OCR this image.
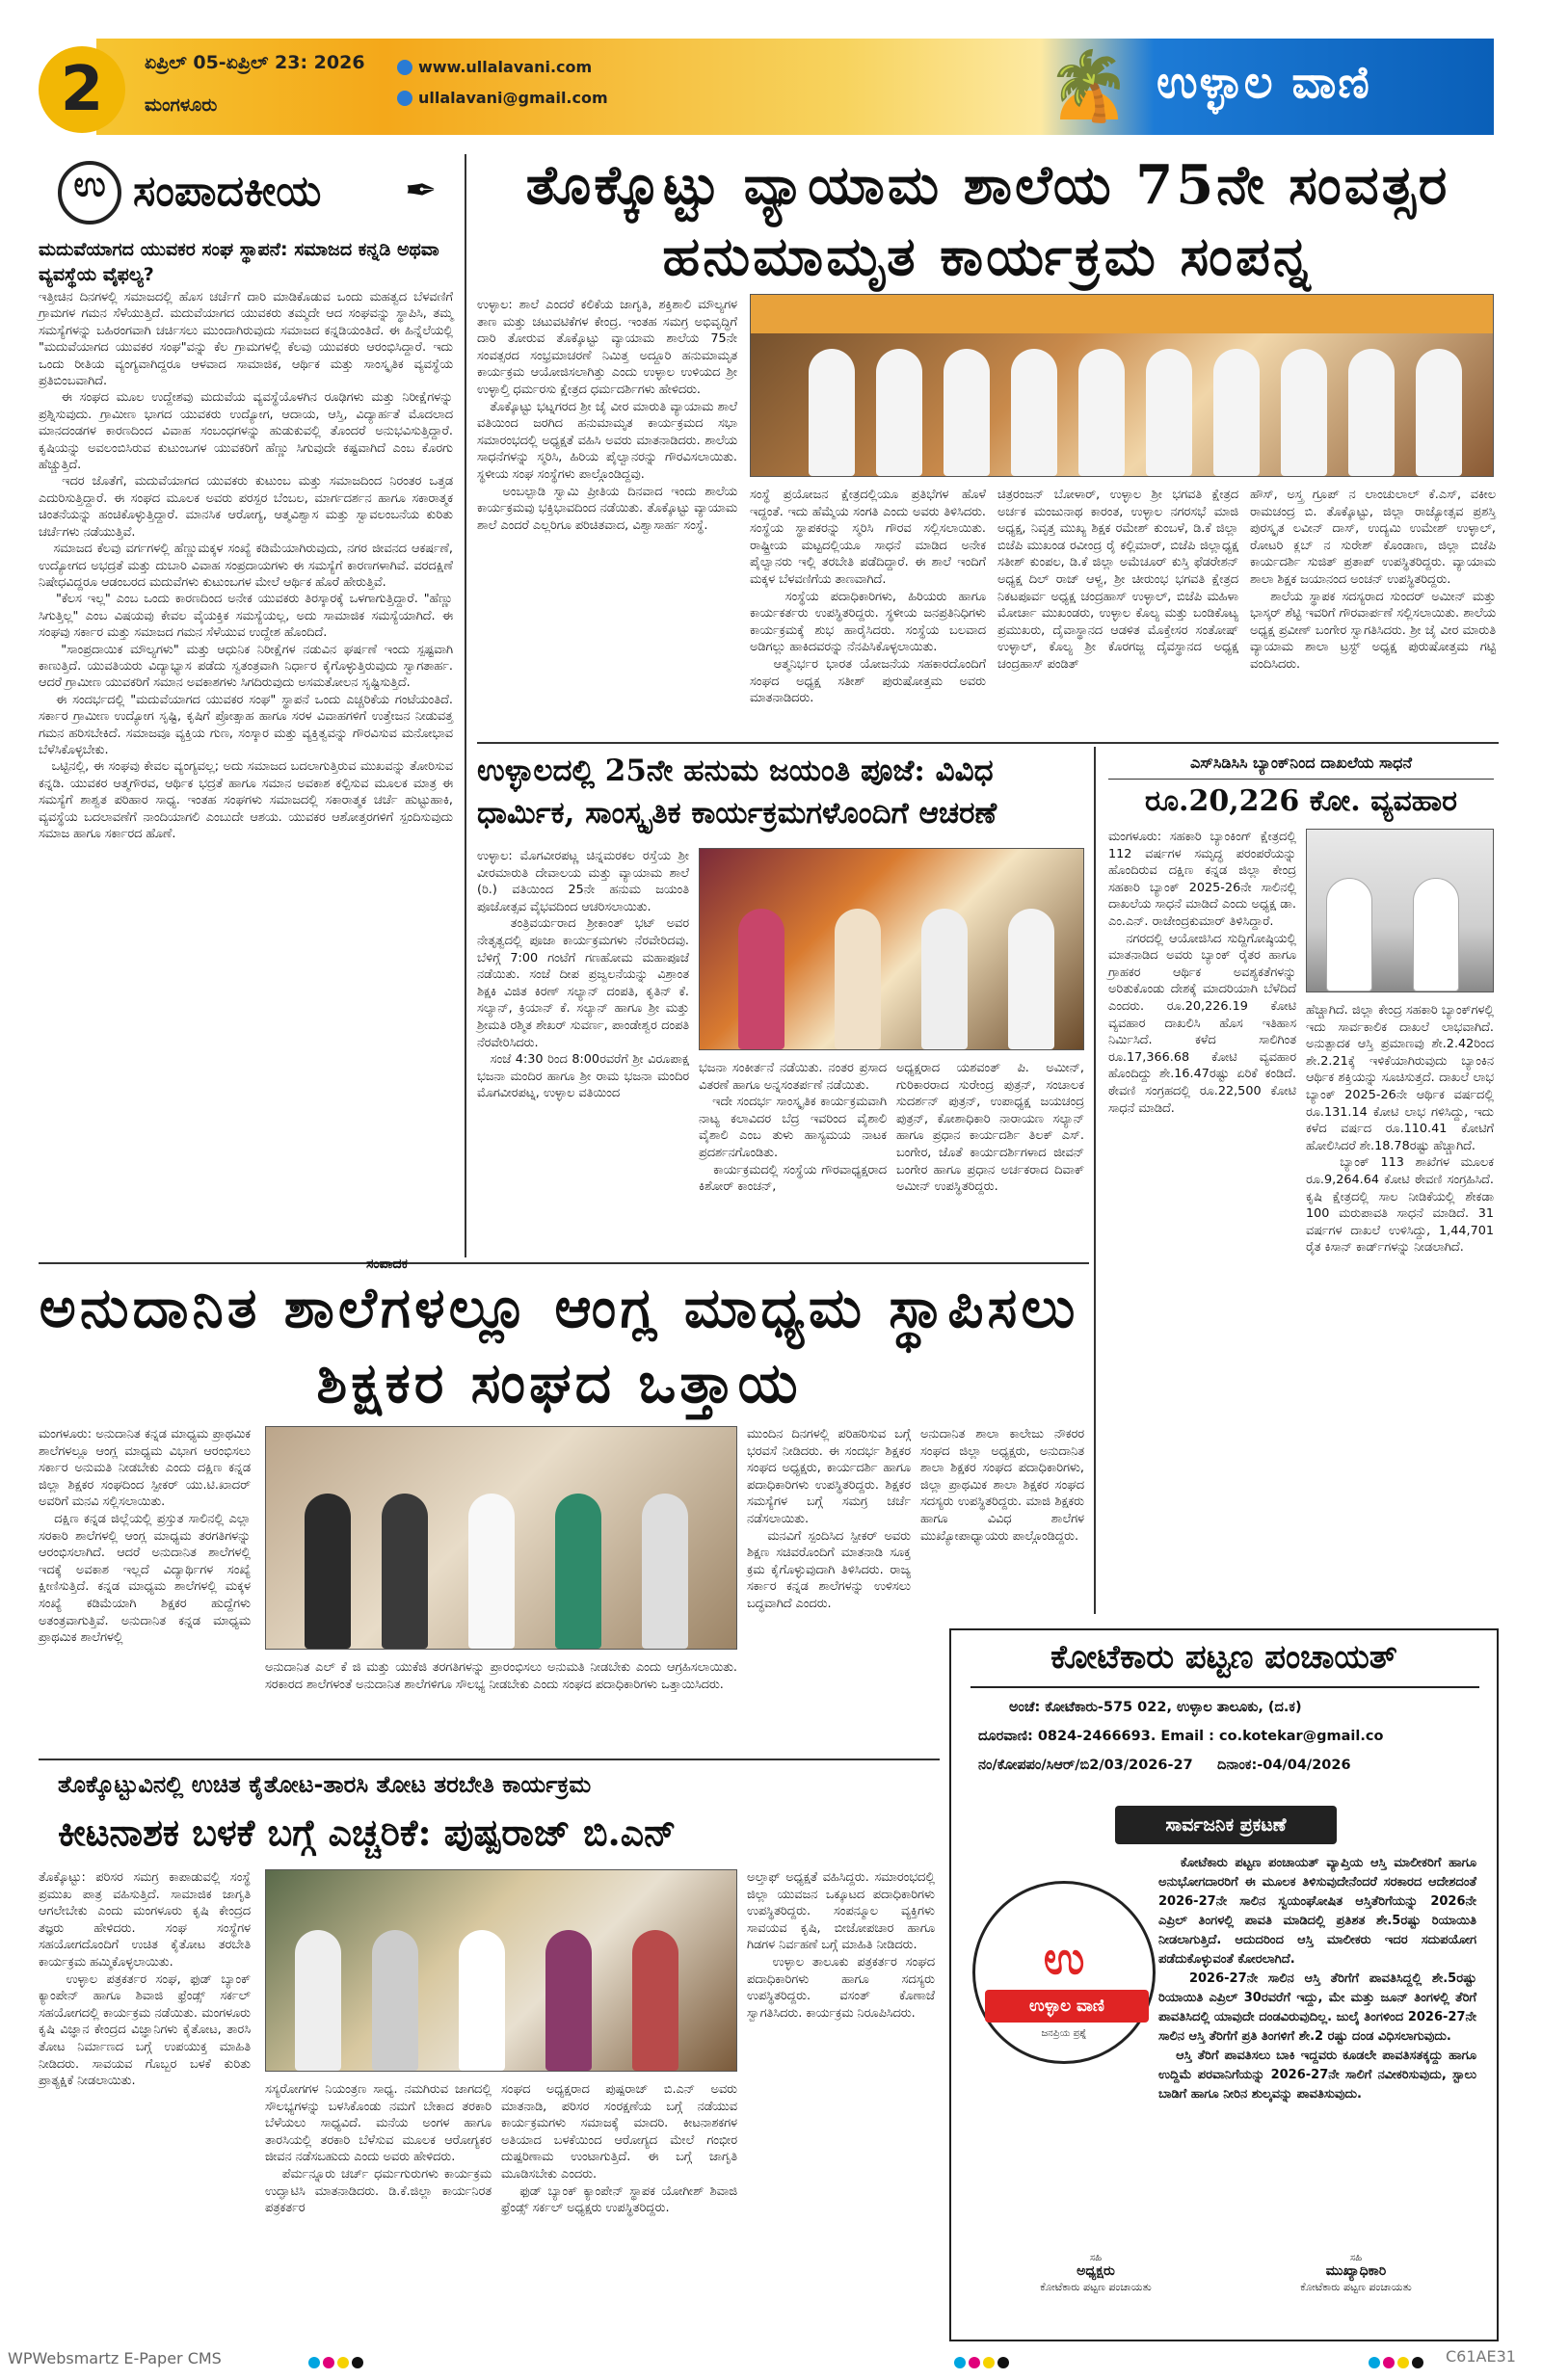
ಏಪ್ರಿಲ್ 05-ಏಪ್ರಿಲ್ 23: 2026
ಮಂಗಳೂರು
2	www.ullalavani.com
ullalavani@gmail.com	🌴 ಉಳ್ಳಾಲ ವಾಣಿ
ಉ ಸಂಪಾದಕೀಯ ✒
ಮದುವೆಯಾಗದ ಯುವಕರ ಸಂಘ ಸ್ಥಾಪನೆ: ಸಮಾಜದ ಕನ್ನಡಿ ಅಥವಾ ವ್ಯವಸ್ಥೆಯ ವೈಫಲ್ಯ?
ಇತ್ತೀಚಿನ ದಿನಗಳಲ್ಲಿ ಸಮಾಜದಲ್ಲಿ ಹೊಸ ಚರ್ಚೆಗೆ ದಾರಿ ಮಾಡಿಕೊಡುವ ಒಂದು ಮಹತ್ವದ ಬೆಳವಣಿಗೆ ಗ್ರಾಮಗಳ ಗಮನ ಸೆಳೆಯುತ್ತಿದೆ. ಮದುವೆಯಾಗದ ಯುವಕರು ತಮ್ಮದೇ ಆದ ಸಂಘವನ್ನು ಸ್ಥಾಪಿಸಿ, ತಮ್ಮ ಸಮಸ್ಯೆಗಳನ್ನು ಬಹಿರಂಗವಾಗಿ ಚರ್ಚಿಸಲು ಮುಂದಾಗಿರುವುದು ಸಮಾಜದ ಕನ್ನಡಿಯಂತಿದೆ. ಈ ಹಿನ್ನೆಲೆಯಲ್ಲಿ "ಮದುವೆಯಾಗದ ಯುವಕರ ಸಂಘ"ವನ್ನು ಕೆಲ ಗ್ರಾಮಗಳಲ್ಲಿ ಕೆಲವು ಯುವಕರು ಆರಂಭಿಸಿದ್ದಾರೆ. ಇದು ಒಂದು ರೀತಿಯ ವ್ಯಂಗ್ಯವಾಗಿದ್ದರೂ ಆಳವಾದ ಸಾಮಾಜಿಕ, ಆರ್ಥಿಕ ಮತ್ತು ಸಾಂಸ್ಕೃತಿಕ ವ್ಯವಸ್ಥೆಯ ಪ್ರತಿಬಿಂಬವಾಗಿದೆ.
ಈ ಸಂಘದ ಮೂಲ ಉದ್ದೇಶವು ಮದುವೆಯ ವ್ಯವಸ್ಥೆಯೊಳಗಿನ ರೂಢಿಗಳು ಮತ್ತು ನಿರೀಕ್ಷೆಗಳನ್ನು ಪ್ರಶ್ನಿಸುವುದು. ಗ್ರಾಮೀಣ ಭಾಗದ ಯುವಕರು ಉದ್ಯೋಗ, ಆದಾಯ, ಆಸ್ತಿ, ವಿದ್ಯಾರ್ಹತೆ ಮೊದಲಾದ ಮಾನದಂಡಗಳ ಕಾರಣದಿಂದ ವಿವಾಹ ಸಂಬಂಧಗಳನ್ನು ಹುಡುಕುವಲ್ಲಿ ತೊಂದರೆ ಅನುಭವಿಸುತ್ತಿದ್ದಾರೆ. ಕೃಷಿಯನ್ನು ಅವಲಂಬಿಸಿರುವ ಕುಟುಂಬಗಳ ಯುವಕರಿಗೆ ಹೆಣ್ಣು ಸಿಗುವುದೇ ಕಷ್ಟವಾಗಿದೆ ಎಂಬ ಕೊರಗು ಹೆಚ್ಚುತ್ತಿದೆ.
ಇದರ ಜೊತೆಗೆ, ಮದುವೆಯಾಗದ ಯುವಕರು ಕುಟುಂಬ ಮತ್ತು ಸಮಾಜದಿಂದ ನಿರಂತರ ಒತ್ತಡ ಎದುರಿಸುತ್ತಿದ್ದಾರೆ. ಈ ಸಂಘದ ಮೂಲಕ ಅವರು ಪರಸ್ಪರ ಬೆಂಬಲ, ಮಾರ್ಗದರ್ಶನ ಹಾಗೂ ಸಕಾರಾತ್ಮಕ ಚಿಂತನೆಯನ್ನು ಹಂಚಿಕೊಳ್ಳುತ್ತಿದ್ದಾರೆ. ಮಾನಸಿಕ ಆರೋಗ್ಯ, ಆತ್ಮವಿಶ್ವಾಸ ಮತ್ತು ಸ್ವಾವಲಂಬನೆಯ ಕುರಿತು ಚರ್ಚೆಗಳು ನಡೆಯುತ್ತಿವೆ.
ಸಮಾಜದ ಕೆಲವು ವರ್ಗಗಳಲ್ಲಿ ಹೆಣ್ಣುಮಕ್ಕಳ ಸಂಖ್ಯೆ ಕಡಿಮೆಯಾಗಿರುವುದು, ನಗರ ಜೀವನದ ಆಕರ್ಷಣೆ, ಉದ್ಯೋಗದ ಅಭದ್ರತೆ ಮತ್ತು ದುಬಾರಿ ವಿವಾಹ ಸಂಪ್ರದಾಯಗಳು ಈ ಸಮಸ್ಯೆಗೆ ಕಾರಣಗಳಾಗಿವೆ. ವರದಕ್ಷಿಣೆ ನಿಷೇಧವಿದ್ದರೂ ಆಡಂಬರದ ಮದುವೆಗಳು ಕುಟುಂಬಗಳ ಮೇಲೆ ಆರ್ಥಿಕ ಹೊರೆ ಹೇರುತ್ತಿವೆ.
"ಕೆಲಸ ಇಲ್ಲ" ಎಂಬ ಒಂದು ಕಾರಣದಿಂದ ಅನೇಕ ಯುವಕರು ತಿರಸ್ಕಾರಕ್ಕೆ ಒಳಗಾಗುತ್ತಿದ್ದಾರೆ. "ಹೆಣ್ಣು ಸಿಗುತ್ತಿಲ್ಲ" ಎಂಬ ವಿಷಯವು ಕೇವಲ ವೈಯಕ್ತಿಕ ಸಮಸ್ಯೆಯಲ್ಲ, ಅದು ಸಾಮಾಜಿಕ ಸಮಸ್ಯೆಯಾಗಿದೆ. ಈ ಸಂಘವು ಸರ್ಕಾರ ಮತ್ತು ಸಮಾಜದ ಗಮನ ಸೆಳೆಯುವ ಉದ್ದೇಶ ಹೊಂದಿದೆ.
"ಸಾಂಪ್ರದಾಯಿಕ ಮೌಲ್ಯಗಳು" ಮತ್ತು ಆಧುನಿಕ ನಿರೀಕ್ಷೆಗಳ ನಡುವಿನ ಘರ್ಷಣೆ ಇಂದು ಸ್ಪಷ್ಟವಾಗಿ ಕಾಣುತ್ತಿದೆ. ಯುವತಿಯರು ವಿದ್ಯಾಭ್ಯಾಸ ಪಡೆದು ಸ್ವತಂತ್ರವಾಗಿ ನಿರ್ಧಾರ ಕೈಗೊಳ್ಳುತ್ತಿರುವುದು ಸ್ವಾಗತಾರ್ಹ. ಆದರೆ ಗ್ರಾಮೀಣ ಯುವಕರಿಗೆ ಸಮಾನ ಅವಕಾಶಗಳು ಸಿಗದಿರುವುದು ಅಸಮತೋಲನ ಸೃಷ್ಟಿಸುತ್ತಿದೆ.
ಈ ಸಂದರ್ಭದಲ್ಲಿ "ಮದುವೆಯಾಗದ ಯುವಕರ ಸಂಘ" ಸ್ಥಾಪನೆ ಒಂದು ಎಚ್ಚರಿಕೆಯ ಗಂಟೆಯಂತಿದೆ. ಸರ್ಕಾರ ಗ್ರಾಮೀಣ ಉದ್ಯೋಗ ಸೃಷ್ಟಿ, ಕೃಷಿಗೆ ಪ್ರೋತ್ಸಾಹ ಹಾಗೂ ಸರಳ ವಿವಾಹಗಳಿಗೆ ಉತ್ತೇಜನ ನೀಡುವತ್ತ ಗಮನ ಹರಿಸಬೇಕಿದೆ. ಸಮಾಜವೂ ವ್ಯಕ್ತಿಯ ಗುಣ, ಸಂಸ್ಕಾರ ಮತ್ತು ವ್ಯಕ್ತಿತ್ವವನ್ನು ಗೌರವಿಸುವ ಮನೋಭಾವ ಬೆಳೆಸಿಕೊಳ್ಳಬೇಕು.
ಒಟ್ಟಿನಲ್ಲಿ, ಈ ಸಂಘವು ಕೇವಲ ವ್ಯಂಗ್ಯವಲ್ಲ; ಅದು ಸಮಾಜದ ಬದಲಾಗುತ್ತಿರುವ ಮುಖವನ್ನು ತೋರಿಸುವ ಕನ್ನಡಿ. ಯುವಕರ ಆತ್ಮಗೌರವ, ಆರ್ಥಿಕ ಭದ್ರತೆ ಹಾಗೂ ಸಮಾನ ಅವಕಾಶ ಕಲ್ಪಿಸುವ ಮೂಲಕ ಮಾತ್ರ ಈ ಸಮಸ್ಯೆಗೆ ಶಾಶ್ವತ ಪರಿಹಾರ ಸಾಧ್ಯ. ಇಂತಹ ಸಂಘಗಳು ಸಮಾಜದಲ್ಲಿ ಸಕಾರಾತ್ಮಕ ಚರ್ಚೆ ಹುಟ್ಟುಹಾಕಿ, ವ್ಯವಸ್ಥೆಯ ಬದಲಾವಣೆಗೆ ನಾಂದಿಯಾಗಲಿ ಎಂಬುದೇ ಆಶಯ. ಯುವಕರ ಆಶೋತ್ತರಗಳಿಗೆ ಸ್ಪಂದಿಸುವುದು ಸಮಾಜ ಹಾಗೂ ಸರ್ಕಾರದ ಹೊಣೆ.
ಸಂಪಾದಕ
ತೊಕ್ಕೊಟ್ಟು ವ್ಯಾಯಾಮ ಶಾಲೆಯ 75ನೇ ಸಂವತ್ಸರ ಹನುಮಾಮೃತ ಕಾರ್ಯಕ್ರಮ ಸಂಪನ್ನ
ಉಳ್ಳಾಲ: ಶಾಲೆ ಎಂದರೆ ಕಲಿಕೆಯ ಜಾಗೃತಿ, ಶಕ್ತಿಶಾಲಿ ಮೌಲ್ಯಗಳ ತಾಣ ಮತ್ತು ಚಟುವಟಿಕೆಗಳ ಕೇಂದ್ರ. ಇಂತಹ ಸಮಗ್ರ ಅಭಿವೃದ್ಧಿಗೆ ದಾರಿ ತೋರುವ ತೊಕ್ಕೊಟ್ಟು ವ್ಯಾಯಾಮ ಶಾಲೆಯ 75ನೇ ಸಂವತ್ಸರದ ಸಂಭ್ರಮಾಚರಣೆ ನಿಮಿತ್ತ ಅದ್ದೂರಿ ಹನುಮಾಮೃತ ಕಾರ್ಯಕ್ರಮ ಆಯೋಜಿಸಲಾಗಿತ್ತು ಎಂದು ಉಳ್ಳಾಲ ಉಳಿಯದ ಶ್ರೀ ಉಳ್ಳಾಲ್ತಿ ಧರ್ಮರಸು ಕ್ಷೇತ್ರದ ಧರ್ಮದರ್ಶಿಗಳು ಹೇಳಿದರು.
ತೊಕ್ಕೊಟ್ಟು ಭಟ್ನಗರದ ಶ್ರೀ ಜೈ ವೀರ ಮಾರುತಿ ವ್ಯಾಯಾಮ ಶಾಲೆ ವತಿಯಿಂದ ಜರಗಿದ ಹನುಮಾಮೃತ ಕಾರ್ಯಕ್ರಮದ ಸಭಾ ಸಮಾರಂಭದಲ್ಲಿ ಅಧ್ಯಕ್ಷತೆ ವಹಿಸಿ ಅವರು ಮಾತನಾಡಿದರು. ಶಾಲೆಯ ಸಾಧನೆಗಳನ್ನು ಸ್ಮರಿಸಿ, ಹಿರಿಯ ಪೈಲ್ವಾನರನ್ನು ಗೌರವಿಸಲಾಯಿತು. ಸ್ಥಳೀಯ ಸಂಘ ಸಂಸ್ಥೆಗಳು ಪಾಲ್ಗೊಂಡಿದ್ದವು.
ಅಂಬಲ್ಪಾಡಿ ಸ್ವಾಮಿ ಪ್ರೀತಿಯ ದಿನವಾದ ಇಂದು ಶಾಲೆಯ ಕಾರ್ಯಕ್ರಮವು ಭಕ್ತಿಭಾವದಿಂದ ನಡೆಯಿತು. ತೊಕ್ಕೊಟ್ಟು ವ್ಯಾಯಾಮ ಶಾಲೆ ಎಂದರೆ ಎಲ್ಲರಿಗೂ ಪರಿಚಿತವಾದ, ವಿಶ್ವಾಸಾರ್ಹ ಸಂಸ್ಥೆ.
ಸಂಸ್ಥೆ ಪ್ರಯೋಜನ ಕ್ಷೇತ್ರದಲ್ಲಿಯೂ ಪ್ರತಿಭೆಗಳ ಹೊಳೆ ಇದ್ದಂತೆ. ಇದು ಹೆಮ್ಮೆಯ ಸಂಗತಿ ಎಂದು ಅವರು ತಿಳಿಸಿದರು. ಸಂಸ್ಥೆಯ ಸ್ಥಾಪಕರನ್ನು ಸ್ಮರಿಸಿ ಗೌರವ ಸಲ್ಲಿಸಲಾಯಿತು. ರಾಷ್ಟ್ರೀಯ ಮಟ್ಟದಲ್ಲಿಯೂ ಸಾಧನೆ ಮಾಡಿದ ಅನೇಕ ಪೈಲ್ವಾನರು ಇಲ್ಲಿ ತರಬೇತಿ ಪಡೆದಿದ್ದಾರೆ. ಈ ಶಾಲೆ ಇಂದಿಗೆ ಮಕ್ಕಳ ಬೆಳವಣಿಗೆಯ ತಾಣವಾಗಿದೆ.
ಸಂಸ್ಥೆಯ ಪದಾಧಿಕಾರಿಗಳು, ಹಿರಿಯರು ಹಾಗೂ ಕಾರ್ಯಕರ್ತರು ಉಪಸ್ಥಿತರಿದ್ದರು. ಸ್ಥಳೀಯ ಜನಪ್ರತಿನಿಧಿಗಳು ಕಾರ್ಯಕ್ರಮಕ್ಕೆ ಶುಭ ಹಾರೈಸಿದರು. ಸಂಸ್ಥೆಯ ಬಲವಾದ ಅಡಿಗಲ್ಲು ಹಾಕಿದವರನ್ನು ನೆನಪಿಸಿಕೊಳ್ಳಲಾಯಿತು.
ಆತ್ಮನಿರ್ಭರ ಭಾರತ ಯೋಜನೆಯ ಸಹಕಾರದೊಂದಿಗೆ ಸಂಘದ ಅಧ್ಯಕ್ಷ ಸತೀಶ್ ಪುರುಷೋತ್ತಮ ಅವರು ಮಾತನಾಡಿದರು.
ಚಿತ್ರರಂಜನ್ ಬೋಳಾರ್, ಉಳ್ಳಾಲ ಶ್ರೀ ಭಗವತಿ ಕ್ಷೇತ್ರದ ಅರ್ಚಕ ಮಂಜುನಾಥ ಕಾರಂತ, ಉಳ್ಳಾಲ ನಗರಸಭೆ ಮಾಜಿ ಅಧ್ಯಕ್ಷ, ನಿವೃತ್ತ ಮುಖ್ಯ ಶಿಕ್ಷಕ ರಮೇಶ್ ಕುಂಬಳೆ, ಡಿ.ಕೆ ಜಿಲ್ಲಾ ಬಿಜೆಪಿ ಮುಖಂಡ ರವೀಂದ್ರ ರೈ ಕಲ್ಲಿಮಾರ್, ಬಿಜೆಪಿ ಜಿಲ್ಲಾಧ್ಯಕ್ಷ ಸತೀಶ್ ಕುಂಪಲ, ಡಿ.ಕೆ ಜಿಲ್ಲಾ ಅಮೆಚೂರ್ ಕುಸ್ತಿ ಫೆಡರೇಶನ್ ಅಧ್ಯಕ್ಷ ದಿಲ್ ರಾಜ್ ಆಳ್ವ, ಶ್ರೀ ಚೀರುಂಭ ಭಗವತಿ ಕ್ಷೇತ್ರದ ನಿಕಟಪೂರ್ವ ಅಧ್ಯಕ್ಷ ಚಂದ್ರಹಾಸ್ ಉಳ್ಳಾಲ್, ಬಿಜೆಪಿ ಮಹಿಳಾ ಮೋರ್ಚಾ ಮುಖಂಡರು, ಉಳ್ಳಾಲ ಕೊಲ್ಯ ಮತ್ತು ಬಂಡಿಕೊಟ್ಯ ಪ್ರಮುಖರು, ದೈವಾಸ್ಥಾನದ ಆಡಳಿತ ಮೊಕ್ತೇಸರ ಸಂತೋಷ್ ಉಳ್ಳಾಲ್, ಕೊಲ್ಯ ಶ್ರೀ ಕೊರಗಜ್ಜ ದೈವಸ್ಥಾನದ ಅಧ್ಯಕ್ಷ ಚಂದ್ರಹಾಸ್ ಪಂಡಿತ್
ಹೌಸ್, ಅಸ್ತ್ರ ಗ್ರೂಪ್ ನ ಲಾಂಚುಲಾಲ್ ಕೆ.ಎಸ್, ವಕೀಲ ರಾಮಚಂದ್ರ ಬಿ. ತೊಕ್ಕೊಟ್ಟು, ಜಿಲ್ಲಾ ರಾಜ್ಯೋತ್ಸವ ಪ್ರಶಸ್ತಿ ಪುರಸ್ಕೃತ ಲವೀನ್ ದಾಸ್, ಉದ್ಯಮಿ ಉಮೇಶ್ ಉಳ್ಳಾಲ್, ರೋಟರಿ ಕ್ಲಬ್ ನ ಸುರೇಶ್ ಕೊಂಡಾಣ, ಜಿಲ್ಲಾ ಬಿಜೆಪಿ ಕಾರ್ಯದರ್ಶಿ ಸುಜಿತ್ ಪ್ರತಾಪ್ ಉಪಸ್ಥಿತರಿದ್ದರು. ವ್ಯಾಯಾಮ ಶಾಲಾ ಶಿಕ್ಷಕ ಜಯಾನಂದ ಅಂಚನ್ ಉಪಸ್ಥಿತರಿದ್ದರು.
ಶಾಲೆಯ ಸ್ಥಾಪಕ ಸದಸ್ಯರಾದ ಸುಂದರ್ ಅಮೀನ್ ಮತ್ತು ಭಾಸ್ಕರ್ ಶೆಟ್ಟಿ ಇವರಿಗೆ ಗೌರವಾರ್ಪಣೆ ಸಲ್ಲಿಸಲಾಯಿತು. ಶಾಲೆಯ ಅಧ್ಯಕ್ಷ ಪ್ರವೀಣ್ ಬಂಗೇರ ಸ್ವಾಗತಿಸಿದರು. ಶ್ರೀ ಜೈ ವೀರ ಮಾರುತಿ ವ್ಯಾಯಾಮ ಶಾಲಾ ಟ್ರಸ್ಟ್ ಅಧ್ಯಕ್ಷ ಪುರುಷೋತ್ತಮ ಗಟ್ಟಿ ವಂದಿಸಿದರು.
ಉಳ್ಳಾಲದಲ್ಲಿ 25ನೇ ಹನುಮ ಜಯಂತಿ ಪೂಜೆ: ವಿವಿಧ ಧಾರ್ಮಿಕ, ಸಾಂಸ್ಕೃತಿಕ ಕಾರ್ಯಕ್ರಮಗಳೊಂದಿಗೆ ಆಚರಣೆ
ಉಳ್ಳಾಲ: ಮೊಗವೀರಪಟ್ಣ ಚಿನ್ನಮರಕಲ ರಸ್ತೆಯ ಶ್ರೀ ವೀರಮಾರುತಿ ದೇವಾಲಯ ಮತ್ತು ವ್ಯಾಯಾಮ ಶಾಲೆ (ರಿ.) ವತಿಯಿಂದ 25ನೇ ಹನುಮ ಜಯಂತಿ ಪೂಜೋತ್ಸವ ವೈಭವದಿಂದ ಆಚರಿಸಲಾಯಿತು.
ತಂತ್ರಿವರ್ಯರಾದ ಶ್ರೀಕಾಂತ್ ಭಟ್ ಅವರ ನೇತೃತ್ವದಲ್ಲಿ ಪೂಜಾ ಕಾರ್ಯಕ್ರಮಗಳು ನೆರವೇರಿದವು. ಬೆಳಿಗ್ಗೆ 7:00 ಗಂಟೆಗೆ ಗಣಹೋಮ ಮಹಾಪೂಜೆ ನಡೆಯಿತು. ಸಂಜೆ ದೀಪ ಪ್ರಜ್ವಲನೆಯನ್ನು ವಿಶ್ರಾಂತ ಶಿಕ್ಷಕಿ ವಿಜಿತ ಕಿರಣ್ ಸಲ್ಯಾನ್ ದಂಪತಿ, ಕೃತಿನ್ ಕೆ. ಸಲ್ಯಾನ್, ಕ್ರಿಯಾನ್ ಕೆ. ಸಲ್ಯಾನ್ ಹಾಗೂ ಶ್ರೀ ಮತ್ತು ಶ್ರೀಮತಿ ರಶ್ಮಿತ ಶೇಖರ್ ಸುವರ್ಣ, ಪಾಂಡೇಶ್ವರ ದಂಪತಿ ನೆರವೇರಿಸಿದರು.
ಸಂಜೆ 4:30 ರಿಂದ 8:00ರವರೆಗೆ ಶ್ರೀ ವಿರೂಪಾಕ್ಷ ಭಜನಾ ಮಂದಿರ ಹಾಗೂ ಶ್ರೀ ರಾಮ ಭಜನಾ ಮಂದಿರ ಮೊಗವೀರಪಟ್ನ, ಉಳ್ಳಾಲ ವತಿಯಿಂದ
ಭಜನಾ ಸಂಕೀರ್ತನೆ ನಡೆಯಿತು. ನಂತರ ಪ್ರಸಾದ ವಿತರಣೆ ಹಾಗೂ ಅನ್ನಸಂತರ್ಪಣೆ ನಡೆಯಿತು.
ಇದೇ ಸಂದರ್ಭ ಸಾಂಸ್ಕೃತಿಕ ಕಾರ್ಯಕ್ರಮವಾಗಿ ನಾಟ್ಯ ಕಲಾವಿದರ ಬೆದ್ರ ಇವರಿಂದ ವೈಶಾಲಿ ವೈಶಾಲಿ ಎಂಬ ತುಳು ಹಾಸ್ಯಮಯ ನಾಟಕ ಪ್ರದರ್ಶನಗೊಂಡಿತು.
ಕಾರ್ಯಕ್ರಮದಲ್ಲಿ ಸಂಸ್ಥೆಯ ಗೌರವಾಧ್ಯಕ್ಷರಾದ ಕಿಶೋರ್ ಕಾಂಚನ್,
ಅಧ್ಯಕ್ಷರಾದ ಯಶವಂತ್ ಪಿ. ಅಮೀನ್, ಗುರಿಕಾರರಾದ ಸುರೇಂದ್ರ ಪುತ್ರನ್, ಸಂಚಾಲಕ ಸುದರ್ಶನ್ ಪುತ್ರನ್, ಉಪಾಧ್ಯಕ್ಷ ಜಯಚಂದ್ರ ಪುತ್ರನ್, ಕೋಶಾಧಿಕಾರಿ ನಾರಾಯಣ ಸಲ್ಯಾನ್ ಹಾಗೂ ಪ್ರಧಾನ ಕಾರ್ಯದರ್ಶಿ ತಿಲಕ್ ಎಸ್. ಬಂಗೇರ, ಜೊತೆ ಕಾರ್ಯದರ್ಶಿಗಳಾದ ಜೀವನ್ ಬಂಗೇರ ಹಾಗೂ ಪ್ರಧಾನ ಅರ್ಚಕರಾದ ದಿವಾಕ್ ಅಮೀನ್ ಉಪಸ್ಥಿತರಿದ್ದರು.
ಎಸ್‌ಸಿಡಿಸಿಸಿ ಬ್ಯಾಂಕ್‌ನಿಂದ ದಾಖಲೆಯ ಸಾಧನೆ
ರೂ.20,226 ಕೋ. ವ್ಯವಹಾರ
ಮಂಗಳೂರು: ಸಹಕಾರಿ ಬ್ಯಾಂಕಿಂಗ್ ಕ್ಷೇತ್ರದಲ್ಲಿ 112 ವರ್ಷಗಳ ಸಮೃದ್ಧ ಪರಂಪರೆಯನ್ನು ಹೊಂದಿರುವ ದಕ್ಷಿಣ ಕನ್ನಡ ಜಿಲ್ಲಾ ಕೇಂದ್ರ ಸಹಕಾರಿ ಬ್ಯಾಂಕ್ 2025-26ನೇ ಸಾಲಿನಲ್ಲಿ ದಾಖಲೆಯ ಸಾಧನೆ ಮಾಡಿದೆ ಎಂದು ಅಧ್ಯಕ್ಷ ಡಾ. ಎಂ.ಎನ್. ರಾಜೇಂದ್ರಕುಮಾರ್ ತಿಳಿಸಿದ್ದಾರೆ.
ನಗರದಲ್ಲಿ ಆಯೋಜಿಸಿದ ಸುದ್ದಿಗೋಷ್ಠಿಯಲ್ಲಿ ಮಾತನಾಡಿದ ಅವರು ಬ್ಯಾಂಕ್ ರೈತರ ಹಾಗೂ ಗ್ರಾಹಕರ ಆರ್ಥಿಕ ಅವಶ್ಯಕತೆಗಳನ್ನು ಅರಿತುಕೊಂಡು ದೇಶಕ್ಕೆ ಮಾದರಿಯಾಗಿ ಬೆಳೆದಿದೆ ಎಂದರು. ರೂ.20,226.19 ಕೋಟಿ ವ್ಯವಹಾರ ದಾಖಲಿಸಿ ಹೊಸ ಇತಿಹಾಸ ನಿರ್ಮಿಸಿದೆ. ಕಳೆದ ಸಾಲಿಗಿಂತ ರೂ.17,366.68 ಕೋಟಿ ವ್ಯವಹಾರ ಹೊಂದಿದ್ದು ಶೇ.16.47ರಷ್ಟು ಏರಿಕೆ ಕಂಡಿದೆ. ಠೇವಣಿ ಸಂಗ್ರಹದಲ್ಲಿ ರೂ.22,500 ಕೋಟಿ ಸಾಧನೆ ಮಾಡಿದೆ.
ಹೆಚ್ಚಾಗಿದೆ. ಜಿಲ್ಲಾ ಕೇಂದ್ರ ಸಹಕಾರಿ ಬ್ಯಾಂಕ್‌ಗಳಲ್ಲಿ ಇದು ಸಾರ್ವಕಾಲಿಕ ದಾಖಲೆ ಲಾಭವಾಗಿದೆ. ಅನುತ್ಪಾದಕ ಆಸ್ತಿ ಪ್ರಮಾಣವು ಶೇ.2.42ರಿಂದ ಶೇ.2.21ಕ್ಕೆ ಇಳಿಕೆಯಾಗಿರುವುದು ಬ್ಯಾಂಕಿನ ಆರ್ಥಿಕ ಶಕ್ತಿಯನ್ನು ಸೂಚಿಸುತ್ತದೆ. ದಾಖಲೆ ಲಾಭ ಬ್ಯಾಂಕ್ 2025-26ನೇ ಆರ್ಥಿಕ ವರ್ಷದಲ್ಲಿ ರೂ.131.14 ಕೋಟಿ ಲಾಭ ಗಳಿಸಿದ್ದು, ಇದು ಕಳೆದ ವರ್ಷದ ರೂ.110.41 ಕೋಟಿಗೆ ಹೋಲಿಸಿದರೆ ಶೇ.18.78ರಷ್ಟು ಹೆಚ್ಚಾಗಿದೆ.
ಬ್ಯಾಂಕ್ 113 ಶಾಖೆಗಳ ಮೂಲಕ ರೂ.9,264.64 ಕೋಟಿ ಠೇವಣಿ ಸಂಗ್ರಹಿಸಿದೆ. ಕೃಷಿ ಕ್ಷೇತ್ರದಲ್ಲಿ ಸಾಲ ನೀಡಿಕೆಯಲ್ಲಿ ಶೇಕಡಾ 100 ಮರುಪಾವತಿ ಸಾಧನೆ ಮಾಡಿದೆ. 31 ವರ್ಷಗಳ ದಾಖಲೆ ಉಳಿಸಿದ್ದು, 1,44,701 ರೈತ ಕಿಸಾನ್ ಕಾರ್ಡ್‌ಗಳನ್ನು ನೀಡಲಾಗಿದೆ.
ಅನುದಾನಿತ ಶಾಲೆಗಳಲ್ಲೂ ಆಂಗ್ಲ ಮಾಧ್ಯಮ ಸ್ಥಾಪಿಸಲು ಶಿಕ್ಷಕರ ಸಂಘದ ಒತ್ತಾಯ
ಮಂಗಳೂರು: ಅನುದಾನಿತ ಕನ್ನಡ ಮಾಧ್ಯಮ ಪ್ರಾಥಮಿಕ ಶಾಲೆಗಳಲ್ಲೂ ಆಂಗ್ಲ ಮಾಧ್ಯಮ ವಿಭಾಗ ಆರಂಭಿಸಲು ಸರ್ಕಾರ ಅನುಮತಿ ನೀಡಬೇಕು ಎಂದು ದಕ್ಷಿಣ ಕನ್ನಡ ಜಿಲ್ಲಾ ಶಿಕ್ಷಕರ ಸಂಘದಿಂದ ಸ್ಪೀಕರ್ ಯು.ಟಿ.ಖಾದರ್ ಅವರಿಗೆ ಮನವಿ ಸಲ್ಲಿಸಲಾಯಿತು.
ದಕ್ಷಿಣ ಕನ್ನಡ ಜಿಲ್ಲೆಯಲ್ಲಿ ಪ್ರಸ್ತುತ ಸಾಲಿನಲ್ಲಿ ಎಲ್ಲಾ ಸರಕಾರಿ ಶಾಲೆಗಳಲ್ಲಿ ಆಂಗ್ಲ ಮಾಧ್ಯಮ ತರಗತಿಗಳನ್ನು ಆರಂಭಿಸಲಾಗಿದೆ. ಆದರೆ ಅನುದಾನಿತ ಶಾಲೆಗಳಲ್ಲಿ ಇದಕ್ಕೆ ಅವಕಾಶ ಇಲ್ಲದೆ ವಿದ್ಯಾರ್ಥಿಗಳ ಸಂಖ್ಯೆ ಕ್ಷೀಣಿಸುತ್ತಿದೆ. ಕನ್ನಡ ಮಾಧ್ಯಮ ಶಾಲೆಗಳಲ್ಲಿ ಮಕ್ಕಳ ಸಂಖ್ಯೆ ಕಡಿಮೆಯಾಗಿ ಶಿಕ್ಷಕರ ಹುದ್ದೆಗಳು ಅತಂತ್ರವಾಗುತ್ತಿವೆ. ಅನುದಾನಿತ ಕನ್ನಡ ಮಾಧ್ಯಮ ಪ್ರಾಥಮಿಕ ಶಾಲೆಗಳಲ್ಲಿ
ಅನುದಾನಿತ ಎಲ್ ಕೆ ಜಿ ಮತ್ತು ಯುಕೆಜಿ ತರಗತಿಗಳನ್ನು ಪ್ರಾರಂಭಿಸಲು ಅನುಮತಿ ನೀಡಬೇಕು ಎಂದು ಆಗ್ರಹಿಸಲಾಯಿತು. ಸರಕಾರದ ಶಾಲೆಗಳಂತೆ ಅನುದಾನಿತ ಶಾಲೆಗಳಿಗೂ ಸೌಲಭ್ಯ ನೀಡಬೇಕು ಎಂದು ಸಂಘದ ಪದಾಧಿಕಾರಿಗಳು ಒತ್ತಾಯಿಸಿದರು.
ಮುಂದಿನ ದಿನಗಳಲ್ಲಿ ಪರಿಹರಿಸುವ ಬಗ್ಗೆ ಭರವಸೆ ನೀಡಿದರು. ಈ ಸಂದರ್ಭ ಶಿಕ್ಷಕರ ಸಂಘದ ಅಧ್ಯಕ್ಷರು, ಕಾರ್ಯದರ್ಶಿ ಹಾಗೂ ಪದಾಧಿಕಾರಿಗಳು ಉಪಸ್ಥಿತರಿದ್ದರು. ಶಿಕ್ಷಕರ ಸಮಸ್ಯೆಗಳ ಬಗ್ಗೆ ಸಮಗ್ರ ಚರ್ಚೆ ನಡೆಸಲಾಯಿತು.
ಮನವಿಗೆ ಸ್ಪಂದಿಸಿದ ಸ್ಪೀಕರ್ ಅವರು ಶಿಕ್ಷಣ ಸಚಿವರೊಂದಿಗೆ ಮಾತನಾಡಿ ಸೂಕ್ತ ಕ್ರಮ ಕೈಗೊಳ್ಳುವುದಾಗಿ ತಿಳಿಸಿದರು. ರಾಜ್ಯ ಸರ್ಕಾರ ಕನ್ನಡ ಶಾಲೆಗಳನ್ನು ಉಳಿಸಲು ಬದ್ಧವಾಗಿದೆ ಎಂದರು.
ಅನುದಾನಿತ ಶಾಲಾ ಕಾಲೇಜು ನೌಕರರ ಸಂಘದ ಜಿಲ್ಲಾ ಅಧ್ಯಕ್ಷರು, ಅನುದಾನಿತ ಶಾಲಾ ಶಿಕ್ಷಕರ ಸಂಘದ ಪದಾಧಿಕಾರಿಗಳು, ಜಿಲ್ಲಾ ಪ್ರಾಥಮಿಕ ಶಾಲಾ ಶಿಕ್ಷಕರ ಸಂಘದ ಸದಸ್ಯರು ಉಪಸ್ಥಿತರಿದ್ದರು. ಮಾಜಿ ಶಿಕ್ಷಕರು ಹಾಗೂ ವಿವಿಧ ಶಾಲೆಗಳ ಮುಖ್ಯೋಪಾಧ್ಯಾಯರು ಪಾಲ್ಗೊಂಡಿದ್ದರು.
ತೊಕ್ಕೊಟ್ಟುವಿನಲ್ಲಿ ಉಚಿತ ಕೈತೋಟ-ತಾರಸಿ ತೋಟ ತರಬೇತಿ ಕಾರ್ಯಕ್ರಮ
ಕೀಟನಾಶಕ ಬಳಕೆ ಬಗ್ಗೆ ಎಚ್ಚರಿಕೆ: ಪುಷ್ಪರಾಜ್ ಬಿ.ಎನ್
ತೊಕ್ಕೊಟ್ಟು: ಪರಿಸರ ಸಮಗ್ರ ಕಾಪಾಡುವಲ್ಲಿ ಸಂಸ್ಥೆ ಪ್ರಮುಖ ಪಾತ್ರ ವಹಿಸುತ್ತಿದೆ. ಸಾಮಾಜಿಕ ಜಾಗೃತಿ ಆಗಲೇಬೇಕು ಎಂದು ಮಂಗಳೂರು ಕೃಷಿ ಕೇಂದ್ರದ ತಜ್ಞರು ಹೇಳಿದರು. ಸಂಘ ಸಂಸ್ಥೆಗಳ ಸಹಯೋಗದೊಂದಿಗೆ ಉಚಿತ ಕೈತೋಟ ತರಬೇತಿ ಕಾರ್ಯಕ್ರಮ ಹಮ್ಮಿಕೊಳ್ಳಲಾಯಿತು.
ಉಳ್ಳಾಲ ಪತ್ರಕರ್ತರ ಸಂಘ, ಫುಡ್ ಬ್ಯಾಂಕ್ ಕ್ಯಾಂಪೇನ್ ಹಾಗೂ ಶಿವಾಜಿ ಫ್ರೆಂಡ್ಸ್ ಸರ್ಕಲ್ ಸಹಯೋಗದಲ್ಲಿ ಕಾರ್ಯಕ್ರಮ ನಡೆಯಿತು. ಮಂಗಳೂರು ಕೃಷಿ ವಿಜ್ಞಾನ ಕೇಂದ್ರದ ವಿಜ್ಞಾನಿಗಳು ಕೈತೋಟ, ತಾರಸಿ ತೋಟ ನಿರ್ಮಾಣದ ಬಗ್ಗೆ ಉಪಯುಕ್ತ ಮಾಹಿತಿ ನೀಡಿದರು. ಸಾವಯವ ಗೊಬ್ಬರ ಬಳಕೆ ಕುರಿತು ಪ್ರಾತ್ಯಕ್ಷಿಕೆ ನೀಡಲಾಯಿತು.
ಸಸ್ಯರೋಗಗಳ ನಿಯಂತ್ರಣ ಸಾಧ್ಯ. ನಮಗಿರುವ ಜಾಗದಲ್ಲಿ ಸೌಲಭ್ಯಗಳನ್ನು ಬಳಸಿಕೊಂಡು ನಮಗೆ ಬೇಕಾದ ತರಕಾರಿ ಬೆಳೆಯಲು ಸಾಧ್ಯವಿದೆ. ಮನೆಯ ಅಂಗಳ ಹಾಗೂ ತಾರಸಿಯಲ್ಲಿ ತರಕಾರಿ ಬೆಳೆಸುವ ಮೂಲಕ ಆರೋಗ್ಯಕರ ಜೀವನ ನಡೆಸಬಹುದು ಎಂದು ಅವರು ಹೇಳಿದರು.
ಪೆರ್ಮನ್ನೂರು ಚರ್ಚ್ ಧರ್ಮಗುರುಗಳು ಕಾರ್ಯಕ್ರಮ ಉದ್ಘಾಟಿಸಿ ಮಾತನಾಡಿದರು. ಡಿ.ಕೆ.ಜಿಲ್ಲಾ ಕಾರ್ಯನಿರತ ಪತ್ರಕರ್ತರ
ಸಂಘದ ಅಧ್ಯಕ್ಷರಾದ ಪುಷ್ಪರಾಜ್ ಬಿ.ಎನ್ ಅವರು ಮಾತನಾಡಿ, ಪರಿಸರ ಸಂರಕ್ಷಣೆಯ ಬಗ್ಗೆ ನಡೆಯುವ ಕಾರ್ಯಕ್ರಮಗಳು ಸಮಾಜಕ್ಕೆ ಮಾದರಿ. ಕೀಟನಾಶಕಗಳ ಅತಿಯಾದ ಬಳಕೆಯಿಂದ ಆರೋಗ್ಯದ ಮೇಲೆ ಗಂಭೀರ ದುಷ್ಪರಿಣಾಮ ಉಂಟಾಗುತ್ತಿದೆ. ಈ ಬಗ್ಗೆ ಜಾಗೃತಿ ಮೂಡಿಸಬೇಕು ಎಂದರು.
ಫುಡ್ ಬ್ಯಾಂಕ್ ಕ್ಯಾಂಪೇನ್ ಸ್ಥಾಪಕ ಯೋಗೀಶ್ ಶಿವಾಜಿ ಫ್ರೆಂಡ್ಸ್ ಸರ್ಕಲ್ ಅಧ್ಯಕ್ಷರು ಉಪಸ್ಥಿತರಿದ್ದರು.
ಅಲ್ತಾಫ್ ಅಧ್ಯಕ್ಷತೆ ವಹಿಸಿದ್ದರು. ಸಮಾರಂಭದಲ್ಲಿ ಜಿಲ್ಲಾ ಯುವಜನ ಒಕ್ಕೂಟದ ಪದಾಧಿಕಾರಿಗಳು ಉಪಸ್ಥಿತರಿದ್ದರು. ಸಂಪನ್ಮೂಲ ವ್ಯಕ್ತಿಗಳು ಸಾವಯವ ಕೃಷಿ, ಬೀಜೋಪಚಾರ ಹಾಗೂ ಗಿಡಗಳ ನಿರ್ವಹಣೆ ಬಗ್ಗೆ ಮಾಹಿತಿ ನೀಡಿದರು.
ಉಳ್ಳಾಲ ತಾಲೂಕು ಪತ್ರಕರ್ತರ ಸಂಘದ ಪದಾಧಿಕಾರಿಗಳು ಹಾಗೂ ಸದಸ್ಯರು ಉಪಸ್ಥಿತರಿದ್ದರು. ವಸಂತ್ ಕೊಣಾಜೆ ಸ್ವಾಗತಿಸಿದರು. ಕಾರ್ಯಕ್ರಮ ನಿರೂಪಿಸಿದರು.
ಕೋಟೆಕಾರು ಪಟ್ಟಣ ಪಂಚಾಯತ್
ಅಂಚೆ: ಕೋಟೆಕಾರು-575 022, ಉಳ್ಳಾಲ ತಾಲೂಕು, (ದ.ಕ)
ದೂರವಾಣಿ: 0824-2466693. Email : co.kotekar@gmail.co
ನಂ/ಕೋಪಪಂ/ಸಿಆರ್/ಬಿ2/03/2026-27     ದಿನಾಂಕ:-04/04/2026
ಸಾರ್ವಜನಿಕ ಪ್ರಕಟಣೆ
ಉ
ಉಳ್ಳಾಲ ವಾಣಿ
ಜನಪ್ರಿಯ ಪ್ರಶ್ನೆ
ಕೋಟೆಕಾರು ಪಟ್ಟಣ ಪಂಚಾಯತ್ ವ್ಯಾಪ್ತಿಯ ಆಸ್ತಿ ಮಾಲೀಕರಿಗೆ ಹಾಗೂ ಅನುಭೋಗದಾರರಿಗೆ ಈ ಮೂಲಕ ತಿಳಿಸುವುದೇನೆಂದರೆ ಸರಕಾರದ ಆದೇಶದಂತೆ 2026-27ನೇ ಸಾಲಿನ ಸ್ವಯಂಘೋಷಿತ ಆಸ್ತಿತೆರಿಗೆಯನ್ನು 2026ನೇ ಎಪ್ರಿಲ್ ತಿಂಗಳಲ್ಲಿ ಪಾವತಿ ಮಾಡಿದಲ್ಲಿ ಪ್ರತಿಶತ ಶೇ.5ರಷ್ಟು ರಿಯಾಯಿತಿ ನೀಡಲಾಗುತ್ತಿದೆ. ಆದುದರಿಂದ ಆಸ್ತಿ ಮಾಲೀಕರು ಇದರ ಸದುಪಯೋಗ ಪಡೆದುಕೊಳ್ಳುವಂತೆ ಕೋರಲಾಗಿದೆ.
2026-27ನೇ ಸಾಲಿನ ಆಸ್ತಿ ತೆರಿಗೆಗೆ ಪಾವತಿಸಿದ್ದಲ್ಲಿ ಶೇ.5ರಷ್ಟು ರಿಯಾಯಿತಿ ಎಪ್ರಿಲ್ 30ರವರೆಗೆ ಇದ್ದು, ಮೇ ಮತ್ತು ಜೂನ್ ತಿಂಗಳಲ್ಲಿ ತೆರಿಗೆ ಪಾವತಿಸಿದಲ್ಲಿ ಯಾವುದೇ ದಂಡವಿರುವುದಿಲ್ಲ. ಜುಲೈ ತಿಂಗಳಿಂದ 2026-27ನೇ ಸಾಲಿನ ಆಸ್ತಿ ತೆರಿಗೆಗೆ ಪ್ರತಿ ತಿಂಗಳಿಗೆ ಶೇ.2 ರಷ್ಟು ದಂಡ ವಿಧಿಸಲಾಗುವುದು.
ಆಸ್ತಿ ತೆರಿಗೆ ಪಾವತಿಸಲು ಬಾಕಿ ಇದ್ದವರು ಕೂಡಲೇ ಪಾವತಿಸತಕ್ಕದ್ದು ಹಾಗೂ ಉದ್ದಿಮೆ ಪರವಾನಿಗೆಯನ್ನು 2026-27ನೇ ಸಾಲಿಗೆ ನವೀಕರಿಸುವುದು, ಸ್ಟಾಲು ಬಾಡಿಗೆ ಹಾಗೂ ನೀರಿನ ಶುಲ್ಕವನ್ನು ಪಾವತಿಸುವುದು.
ಸಹಿ
ಅಧ್ಯಕ್ಷರು
ಕೋಟೆಕಾರು ಪಟ್ಟಣ ಪಂಚಾಯತು
ಸಹಿ
ಮುಖ್ಯಾಧಿಕಾರಿ
ಕೋಟೆಕಾರು ಪಟ್ಟಣ ಪಂಚಾಯತು
WPWebsmartz E-Paper CMS	C61AE31
